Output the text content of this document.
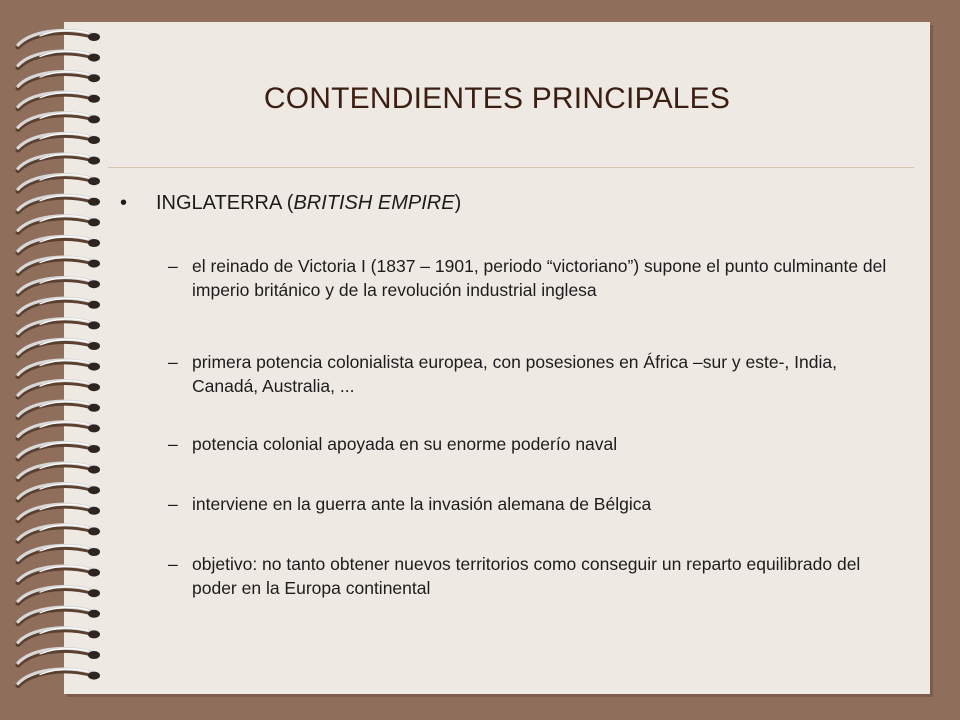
CONTENDIENTES PRINCIPALES
• INGLATERRA (BRITISH EMPIRE)
– el reinado de Victoria I (1837 – 1901, periodo “victoriano”) supone el punto culminante del imperio británico y de la revolución industrial inglesa
– primera potencia colonialista europea, con posesiones en África –sur y este-, India, Canadá, Australia, ...
– potencia colonial apoyada en su enorme poderío naval
– interviene en la guerra ante la invasión alemana de Bélgica
– objetivo: no tanto obtener nuevos territorios como conseguir un reparto equilibrado del poder en la Europa continental
